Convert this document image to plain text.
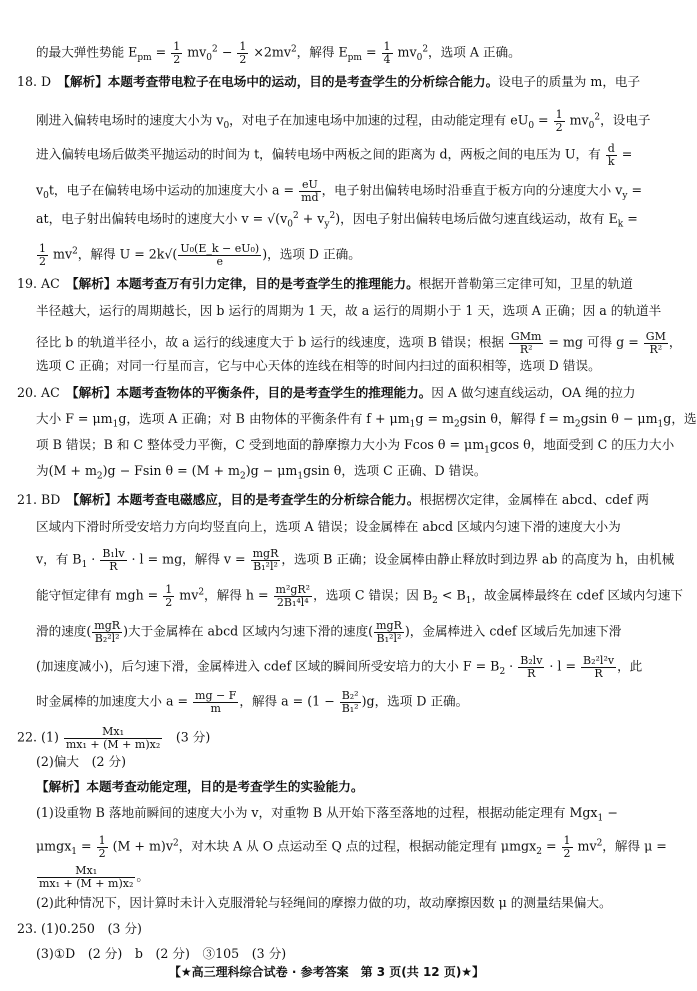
的最大弹性势能 $E_{pm} = \frac{1}{2} mv_0^2 - \frac{1}{2} \times 2mv^2$，解得 $E_{pm} = \frac{1}{4} mv_0^2$，选项 A 正确。
18. D　【解析】本题考查带电粒子在电场中的运动，目的是考查学生的分析综合能力。设电子的质量为 m，电子
刚进入偏转电场时的速度大小为 $v_0$，对电子在加速电场中加速的过程，由动能定理有 $eU_0 = \frac{1}{2} mv_0^2$，设电子
进入偏转电场后做类平抛运动的时间为 t，偏转电场中两板之间的距离为 d，两板之间的电压为 U，有 $\frac{d}{k}$ =
$v_0t$，电子在偏转电场中运动的加速度大小 $a = \frac{eU}{md}$ ，电子射出偏转电场时沿垂直于板方向的分速度大小 $v_y$ =
at，电子射出偏转电场时的速度大小 $v = √(v_0^2 + v_y^2)$，因电子射出偏转电场后做匀速直线运动，故有 $E_k$ =
$\frac{1}{2} mv^2$，解得 $U = 2k√( \frac{\text{U₀(E\_k − eU₀)}}{e}$ )，选项 D 正确。
19. AC　【解析】本题考查万有引力定律，目的是考查学生的推理能力。根据开普勒第三定律可知，卫星的轨道
半径越大，运行的周期越长，因 b 运行的周期为 1 天，故 a 运行的周期小于 1 天，选项 A 正确；因 a 的轨道半
径比 b 的轨道半径小，故 a 运行的线速度大于 b 运行的线速度，选项 B 错误；根据 $\frac{\text{GMm}}{\text{R²}}$ = mg 可得 $g = \frac{GM}{\text{R²}}$ ，
选项 C 正确；对同一行星而言，它与中心天体的连线在相等的时间内扫过的面积相等，选项 D 错误。
20. AC　【解析】本题考查物体的平衡条件，目的是考查学生的推理能力。因 A 做匀速直线运动，OA 绳的拉力
大小 $F = \mu m_1g$，选项 A 正确；对 B 由物体的平衡条件有 $f + \mu m_1g = m_2gsin$ θ，解得 $f = m_2gsin$ $\theta - \mu m_1g$，选
项 B 错误；B 和 C 整体受力平衡，C 受到地面的静摩擦力大小为 Fcos $\theta = \mu m_1gcos$ θ，地面受到 C 的压力大小
为$(M + m_2)g - Fsin$ $\theta = (M + m_2)g - \mu m_1gsin$ θ，选项 C 正确、D 错误。
21. BD　【解析】本题考查电磁感应，目的是考查学生的分析综合能力。根据楞次定律，金属棒在 abcd、cdef 两
区域内下滑时所受安培力方向均竖直向上，选项 A 错误；设金属棒在 abcd 区域内匀速下滑的速度大小为
v，有 $B_1 \cdot \frac{\text{B₁lv}}{R} \cdot l$ = mg，解得 $v = \frac{\text{mgR}}{\text{B₁²l²}}$ ，选项 B 正确；设金属棒由静止释放时到边界 ab 的高度为 h，由机械
能守恒定律有 mgh = $\frac{1}{2} mv^2$，解得 $h = \frac{\text{m²gR²}}{\text{2B₁⁴l⁴}}$ ，选项 C 错误；因 $B_2 < B_1$，故金属棒最终在 cdef 区域内匀速下
滑的速度( $\frac{\text{mgR}}{\text{B₂²l²}}$ )大于金属棒在 abcd 区域内匀速下滑的速度( $\frac{\text{mgR}}{\text{B₁²l²}}$ )，金属棒进入 cdef 区域后先加速下滑
(加速度减小)，后匀速下滑，金属棒进入 cdef 区域的瞬间所受安培力的大小 $F = B_2 \cdot \frac{\text{B₂lv}}{R} \cdot l = \frac{\text{B₂²l²v}}{R}$ ，此
时金属棒的加速度大小 $a = \frac{mg - F}{m}$ ，解得 $a = (1 - \frac{\text{B₂²}}{\text{B₁²}} )g$，选项 D 正确。
22. $(1) \frac{\text{Mx₁}}{\text{mx₁ + (M + m)x₂}}$ 　(3 分)
(2)偏大　(2 分)
【解析】本题考查动能定理，目的是考查学生的实验能力。
(1)设重物 B 落地前瞬间的速度大小为 v，对重物 B 从开始下落至落地的过程，根据动能定理有 Mgx$_1$ −
$\mu mgx_1 = \frac{1}{2} (M + m)v^2$，对木块 A 从 O 点运动至 Q 点的过程，根据动能定理有 $\mu mgx_2 = \frac{1}{2} mv^2$，解得 μ =
$\frac{\text{Mx₁}}{\text{mx₁ + (M + m)x₂}}$ 。
(2)此种情况下，因计算时未计入克服滑轮与轻绳间的摩擦力做的功，故动摩擦因数 μ 的测量结果偏大。
23. (1)0.250　(3 分)
(3)①D　(2 分)　b　(2 分)　③105　(3 分)
【★高三理科综合试卷 · 参考答案　第 3 页(共 12 页)★】
